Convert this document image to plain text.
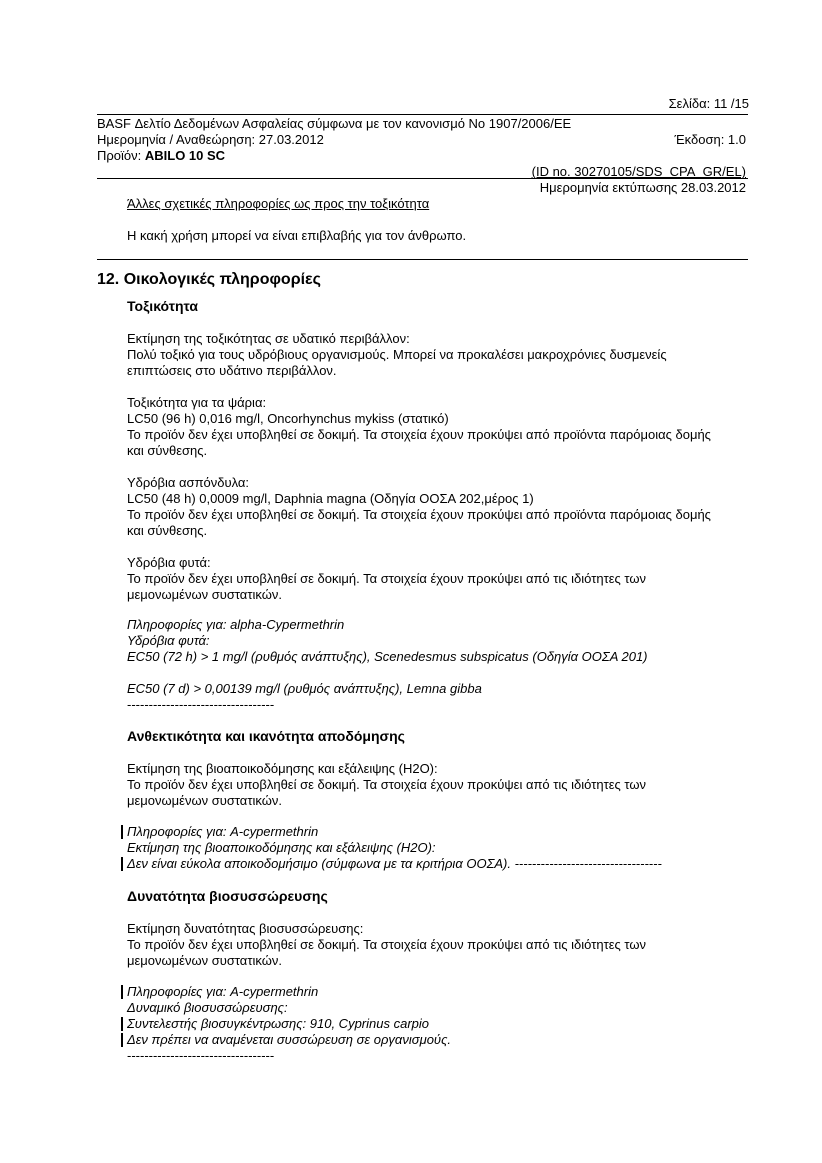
Σελίδα: 11 /15
BASF Δελτίο Δεδομένων Ασφαλείας σύμφωνα με τον κανονισμό No 1907/2006/ΕΕ
Ημερομηνία / Αναθεώρηση: 27.03.2012	Έκδοση: 1.0
Προϊόν: ABILO 10 SC
(ID no. 30270105/SDS_CPA_GR/EL)
Ημερομηνία εκτύπωσης 28.03.2012
Άλλες σχετικές πληροφορίες ως προς την τοξικότητα
Η κακή χρήση μπορεί να είναι επιβλαβής για τον άνθρωπο.
12. Οικολογικές πληροφορίες
Τοξικότητα
Εκτίμηση της τοξικότητας σε υδατικό περιβάλλον:
Πολύ τοξικό για τους υδρόβιους οργανισμούς. Μπορεί να προκαλέσει μακροχρόνιες δυσμενείς
επιπτώσεις στο υδάτινο περιβάλλον.
Τοξικότητα για τα ψάρια:
LC50 (96 h) 0,016 mg/l, Oncorhynchus mykiss (στατικό)
Το προϊόν δεν έχει υποβληθεί σε δοκιμή. Τα στοιχεία έχουν προκύψει από προϊόντα παρόμοιας δομής
και σύνθεσης.
Υδρόβια ασπόνδυλα:
LC50 (48 h) 0,0009 mg/l, Daphnia magna (Οδηγία ΟΟΣΑ 202,μέρος 1)
Το προϊόν δεν έχει υποβληθεί σε δοκιμή. Τα στοιχεία έχουν προκύψει από προϊόντα παρόμοιας δομής
και σύνθεσης.
Υδρόβια φυτά:
Το προϊόν δεν έχει υποβληθεί σε δοκιμή. Τα στοιχεία έχουν προκύψει από τις ιδιότητες των
μεμονωμένων συστατικών.
Πληροφορίες για: alpha-Cypermethrin
Υδρόβια φυτά:
EC50 (72 h) > 1 mg/l (ρυθμός ανάπτυξης), Scenedesmus subspicatus (Οδηγία ΟΟΣΑ 201)
EC50 (7 d) > 0,00139 mg/l (ρυθμός ανάπτυξης), Lemna gibba
----------------------------------
Ανθεκτικότητα και ικανότητα αποδόμησης
Εκτίμηση της βιοαποικοδόμησης και εξάλειψης (H2O):
Το προϊόν δεν έχει υποβληθεί σε δοκιμή. Τα στοιχεία έχουν προκύψει από τις ιδιότητες των
μεμονωμένων συστατικών.
Πληροφορίες για: A-cypermethrin
Εκτίμηση της βιοαποικοδόμησης και εξάλειψης (H2O):
Δεν είναι εύκολα αποικοδομήσιμο (σύμφωνα με τα κριτήρια ΟΟΣΑ). ----------------------------------
Δυνατότητα βιοσυσσώρευσης
Εκτίμηση δυνατότητας βιοσυσσώρευσης:
Το προϊόν δεν έχει υποβληθεί σε δοκιμή. Τα στοιχεία έχουν προκύψει από τις ιδιότητες των
μεμονωμένων συστατικών.
Πληροφορίες για: A-cypermethrin
Δυναμικό βιοσυσσώρευσης:
Συντελεστής βιοσυγκέντρωσης: 910, Cyprinus carpio
Δεν πρέπει να αναμένεται συσσώρευση σε οργανισμούς.
----------------------------------
